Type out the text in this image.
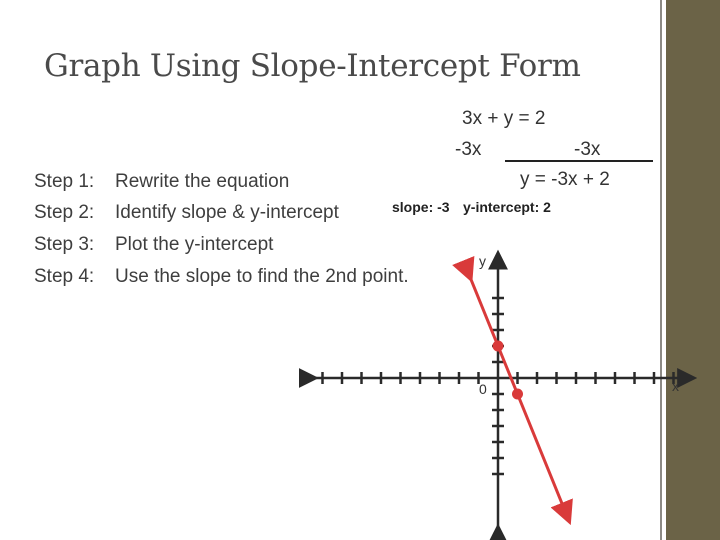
Graph Using Slope-Intercept Form
Step 1: Rewrite the equation
Step 2: Identify slope & y-intercept
Step 3: Plot the y-intercept
Step 4: Use the slope to find the 2nd point.
3x + y = 2
-3x	-3x
y = -3x + 2
slope: -3 y-intercept: 2
y
x
0
